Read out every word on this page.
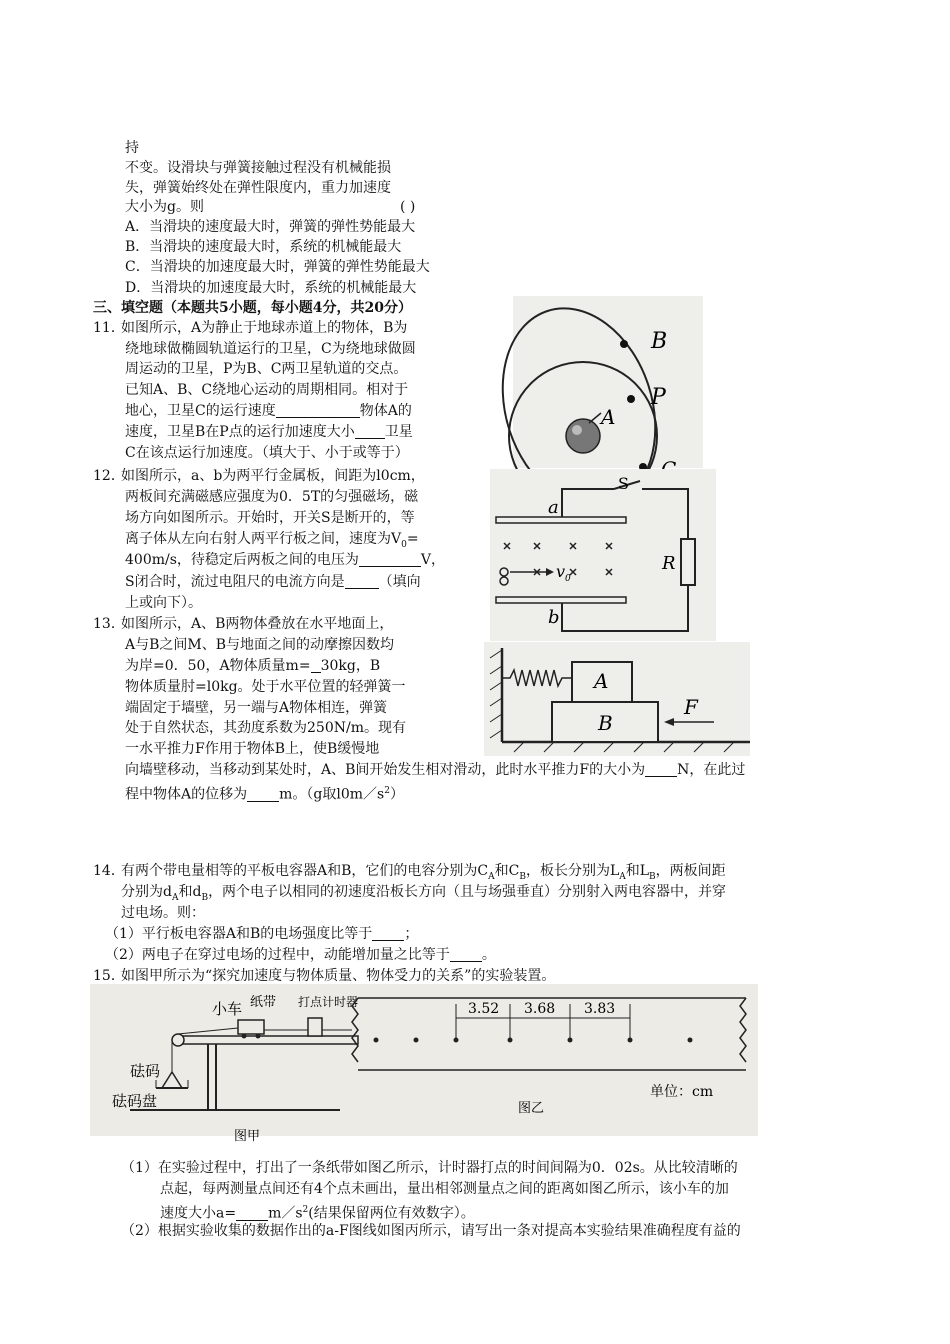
持
不变。设滑块与弹簧接触过程没有机械能损
失，弹簧始终处在弹性限度内，重力加速度
大小为g。则	( )
A．当滑块的速度最大时，弹簧的弹性势能最大
B．当滑块的速度最大时，系统的机械能最大
C．当滑块的加速度最大时，弹簧的弹性势能最大
D．当滑块的加速度最大时，系统的机械能最大
三、填空题（本题共5小题，每小题4分，共20分）
11．如图所示，A为静止于地球赤道上的物体，B为
绕地球做椭圆轨道运行的卫星，C为绕地球做圆
周运动的卫星，P为B、C两卫星轨道的交点。
已知A、B、C绕地心运动的周期相同。相对于
地心，卫星C的运行速度	物体A的
速度，卫星B在P点的运行加速度大小 卫星
C在该点运行加速度。（填大于、小于或等于）
B
P
A
12．如图所示，a、b为两平行金属板，间距为l0cm，
两板间充满磁感应强度为0．5T的匀强磁场，磁
场方向如图所示。开始时，开关S是断开的，等
离子体从左向右射人两平行板之间，速度为$V_0=$
400m/s，待稳定后两板之间的电压为	V，
S闭合时，流过电阻尺的电流方向是 （填向
上或向下）。
S
a
b
R
v 0
13．如图所示，A、B两物体叠放在水平地面上，
A与B之间M、B与地面之间的动摩擦因数均
为岸=0．50，A物体质量m= 30kg，B
物体质量肘=l0kg。处于水平位置的轻弹簧一
端固定于墙壁，另一端与A物体相连，弹簧
处于自然状态，其劲度系数为250N/m。现有
一水平推力F作用于物体B上，使B缓慢地
向墙壁移动，当移动到某处时，A、B间开始发生相对滑动，此时水平推力F的大小为 N，在此过
程中物体A的位移为 m。（g取$l0m/s^2$）
A
B
F
14．有两个带电量相等的平板电容器A和B，它们的电容分别为$C_A$和$C_B$，板长分别为$L_A$和$L_B$，两板间距
分别为$d_A$和$d_B$，两个电子以相同的初速度沿板长方向（且与场强垂直）分别射入两电容器中，并穿
过电场。则：
（1）平行板电容器A和B的电场强度比等于 ；
（2）两电子在穿过电场的过程中，动能增加量之比等于 。
15．如图甲所示为“探究加速度与物体质量、物体受力的关系”的实验装置。
小车 纸带 打点计时器
砝码
砝码盘
图甲
3.52 3.68 3.83
单位：cm
图乙
（1）在实验过程中，打出了一条纸带如图乙所示，计时器打点的时间间隔为0．02s。从比较清晰的
点起，每两测量点间还有4个点未画出，量出相邻测量点之间的距离如图乙所示，该小车的加
速度大小$a= m/s^2$(结果保留两位有效数字）。
（2）根据实验收集的数据作出的a-F图线如图丙所示，请写出一条对提高本实验结果准确程度有益的
